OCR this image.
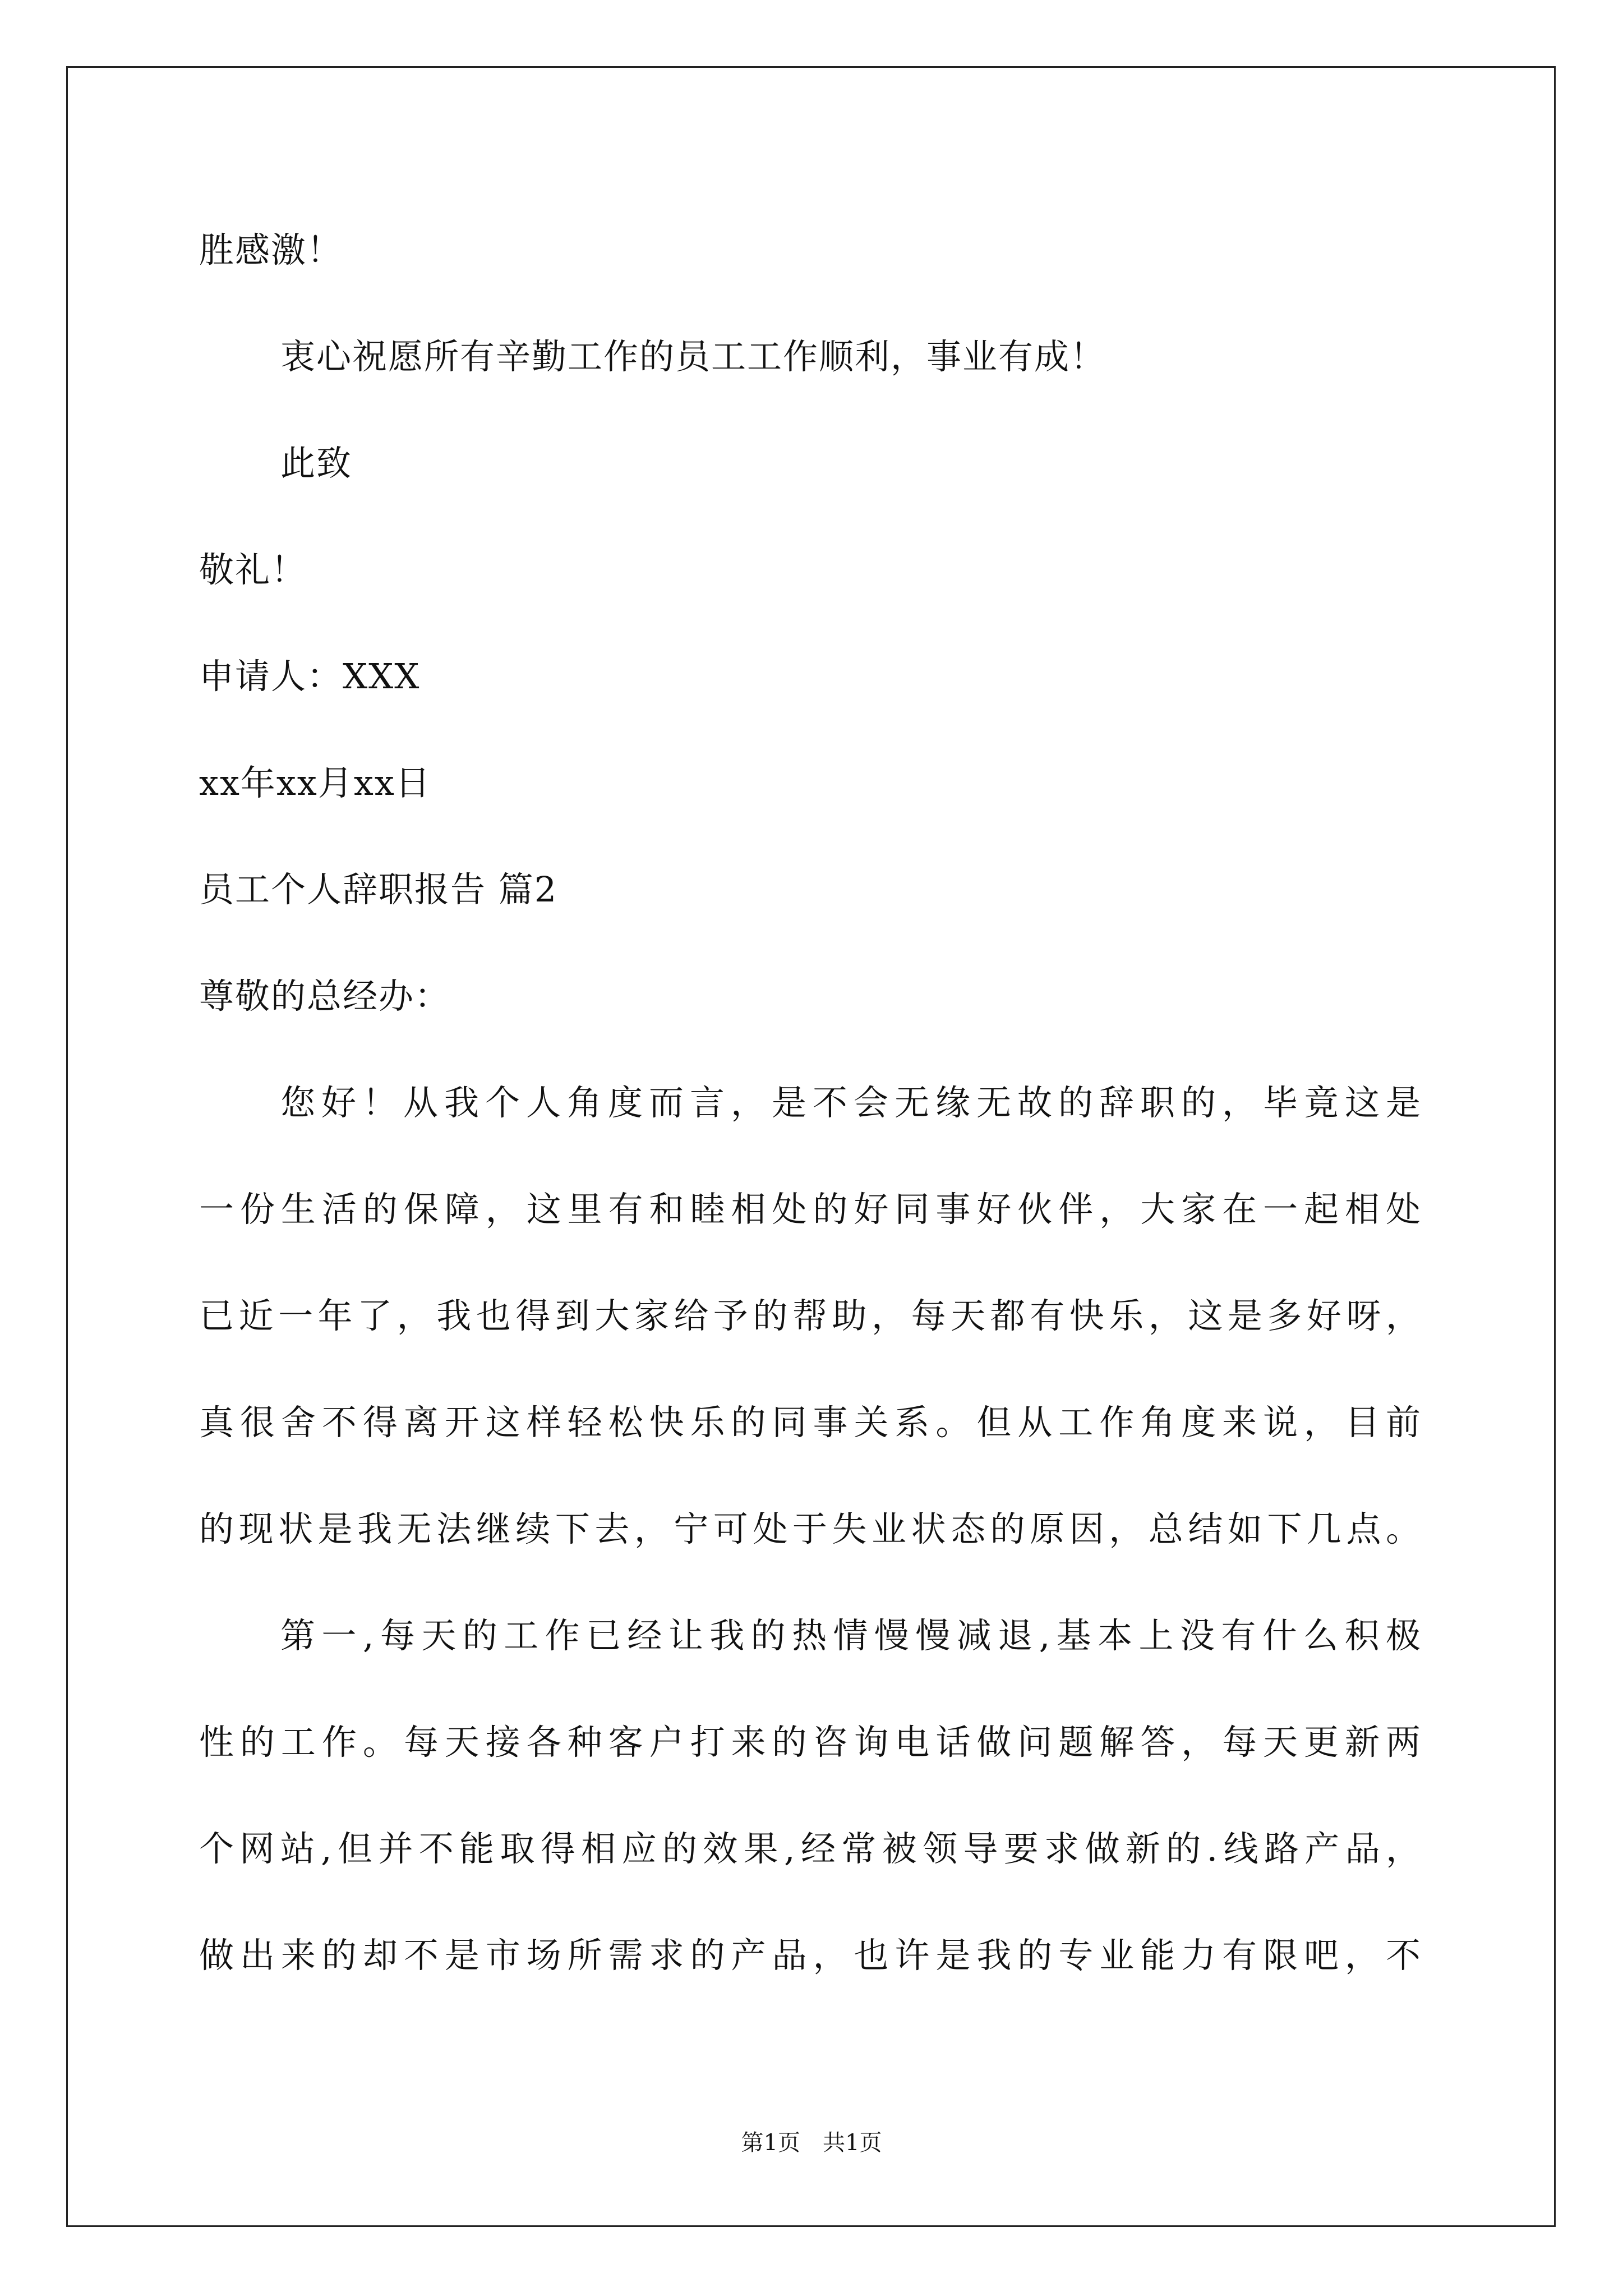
胜感激！
衷心祝愿所有辛勤工作的员工工作顺利，事业有成！
此致
敬礼！
申请人：XXX
xx年xx月xx日
员工个人辞职报告 篇2
尊敬的总经办：
您好！从我个人角度而言，是不会无缘无故的辞职的，毕竟这是
一份生活的保障，这里有和睦相处的好同事好伙伴，大家在一起相处
已近一年了，我也得到大家给予的帮助，每天都有快乐，这是多好呀，
真很舍不得离开这样轻松快乐的同事关系。但从工作角度来说，目前
的现状是我无法继续下去，宁可处于失业状态的原因，总结如下几点。
第一,每天的工作已经让我的热情慢慢减退,基本上没有什么积极
性的工作。每天接各种客户打来的咨询电话做问题解答，每天更新两
个网站,但并不能取得相应的效果,经常被领导要求做新的.线路产品，
做出来的却不是市场所需求的产品，也许是我的专业能力有限吧，不
第1页　共1页
